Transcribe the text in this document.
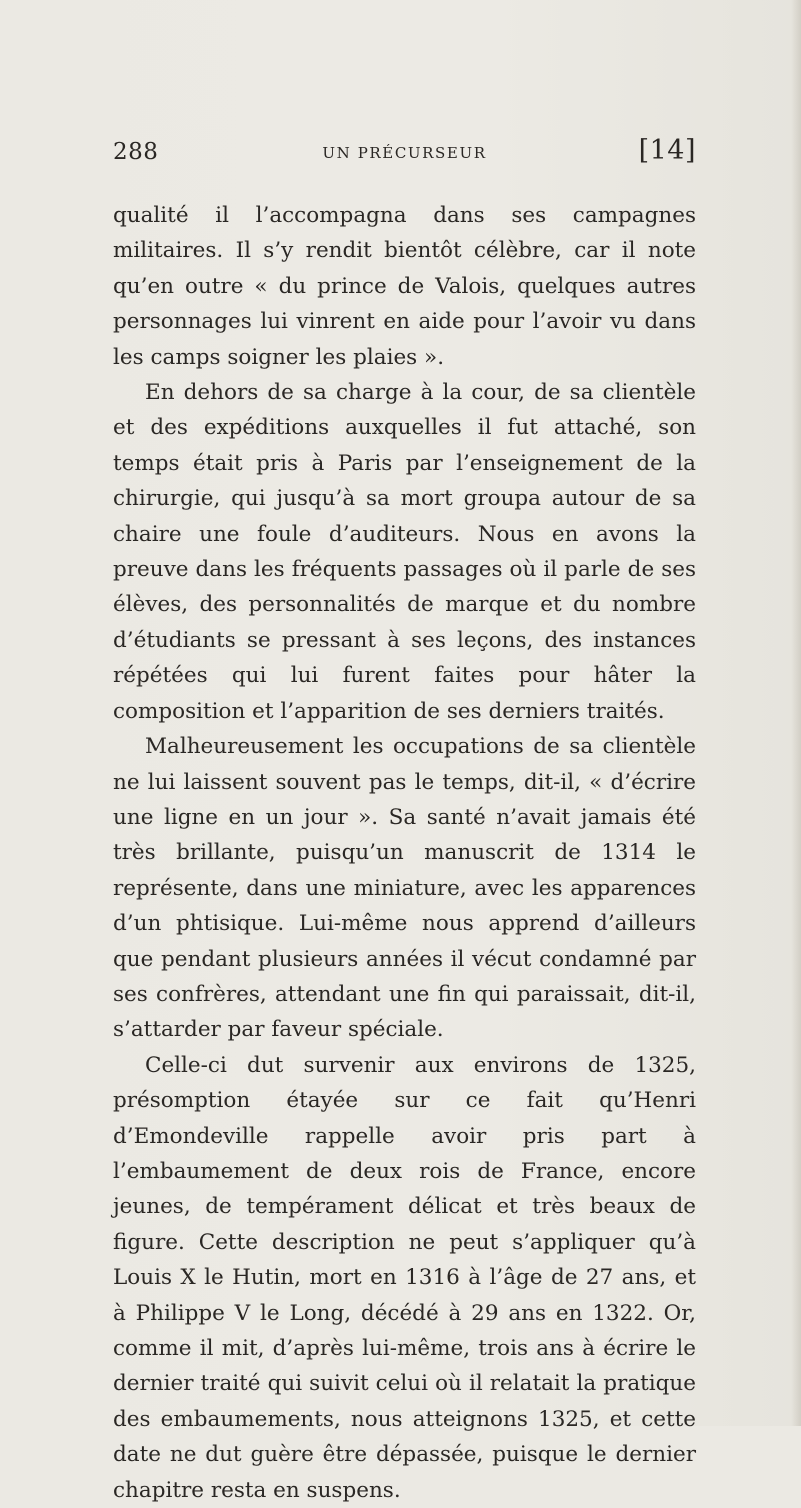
288	UN PRÉCURSEUR	[14]

qualité il l’accompagna dans ses campagnes militaires. Il s’y rendit bientôt célèbre, car il note qu’en outre « du prince de Valois, quelques autres personnages lui vinrent en aide pour l’avoir vu dans les camps soigner les plaies ».

En dehors de sa charge à la cour, de sa clientèle et des expéditions auxquelles il fut attaché, son temps était pris à Paris par l’enseignement de la chirurgie, qui jusqu’à sa mort groupa autour de sa chaire une foule d’auditeurs. Nous en avons la preuve dans les fréquents passages où il parle de ses élèves, des personnalités de marque et du nombre d’étudiants se pressant à ses leçons, des instances répétées qui lui furent faites pour hâter la composition et l’apparition de ses derniers traités.

Malheureusement les occupations de sa clientèle ne lui laissent souvent pas le temps, dit-il, « d’écrire une ligne en un jour ». Sa santé n’avait jamais été très brillante, puisqu’un manuscrit de 1314 le représente, dans une miniature, avec les apparences d’un phtisique. Lui-même nous apprend d’ailleurs que pendant plusieurs années il vécut condamné par ses confrères, attendant une fin qui paraissait, dit-il, s’attarder par faveur spéciale.

Celle-ci dut survenir aux environs de 1325, présomption étayée sur ce fait qu’Henri d’Emondeville rappelle avoir pris part à l’embaumement de deux rois de France, encore jeunes, de tempérament délicat et très beaux de figure. Cette description ne peut s’appliquer qu’à Louis X le Hutin, mort en 1316 à l’âge de 27 ans, et à Philippe V le Long, décédé à 29 ans en 1322. Or, comme il mit, d’après lui-même, trois ans à écrire le dernier traité qui suivit celui où il relatait la pratique des embaumements, nous atteignons 1325, et cette date ne dut guère être dépassée, puisque le dernier chapitre resta en suspens.
